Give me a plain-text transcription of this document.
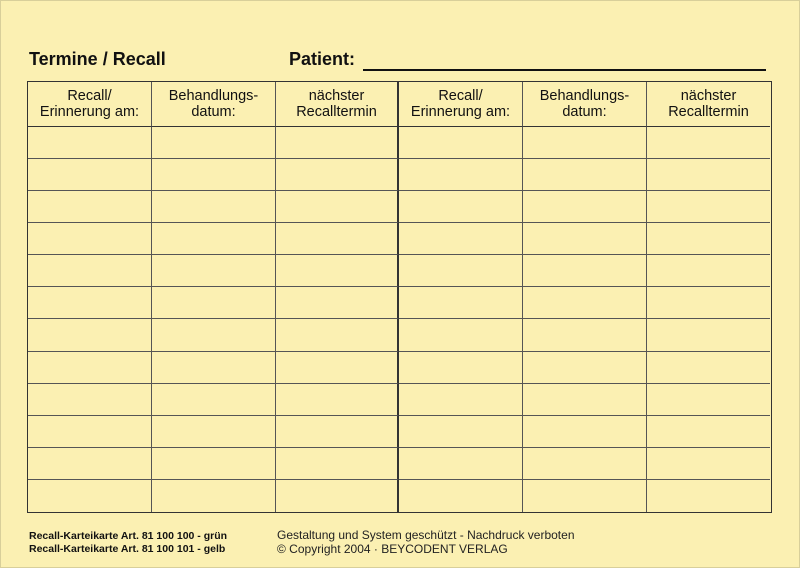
Termine / Recall	Patient:
Recall/
Erinnerung am:
Behandlungs-
datum:
nächster
Recalltermin
Recall/
Erinnerung am:
Behandlungs-
datum:
nächster
Recalltermin
Recall-Karteikarte Art. 81 100 100 - grün
Recall-Karteikarte Art. 81 100 101 - gelb
Gestaltung und System geschützt - Nachdruck verboten
© Copyright 2004 · BEYCODENT VERLAG
